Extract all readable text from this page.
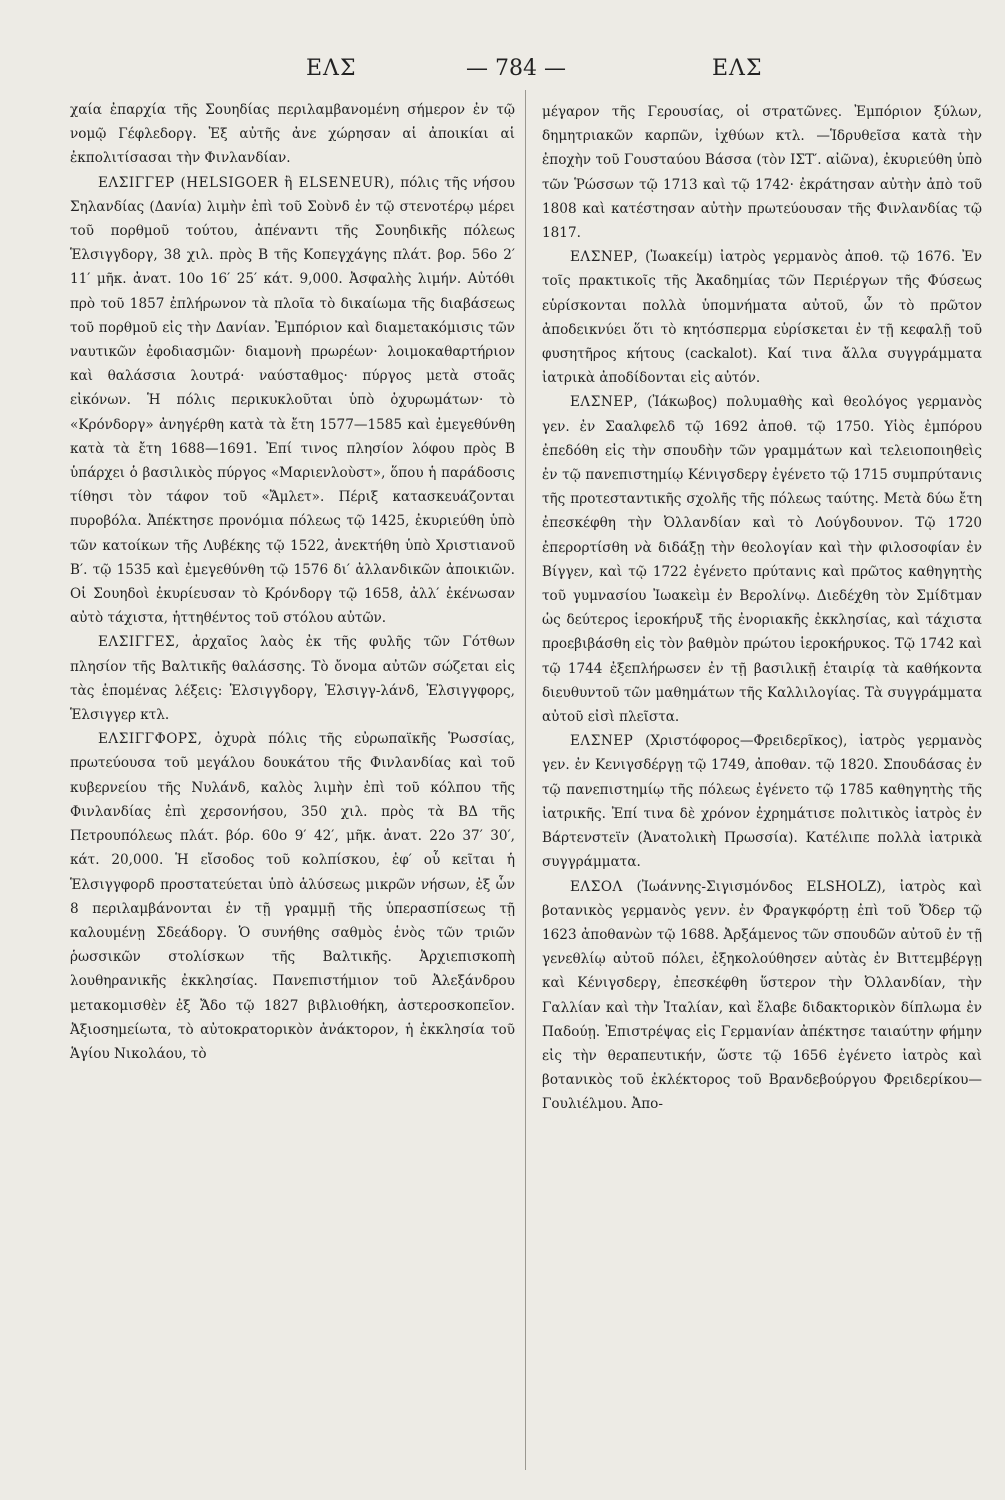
ΕΛΣ	— 784 —	ΕΛΣ

χαία ἐπαρχία τῆς Σουηδίας περιλαμβανομένη σήμερον ἐν τῷ νομῷ Γέφλεδοργ. Ἐξ αὐτῆς ἀνε χώρησαν αἱ ἀποικίαι αἱ ἐκπολιτίσασαι τὴν Φινλανδίαν.

ΕΛΣΙΓΓΕΡ (HELSIGOER ἢ ELSENEUR), πόλις τῆς νήσου Σηλανδίας (Δανία) λιμὴν ἐπὶ τοῦ Σοὺνδ ἐν τῷ στενοτέρῳ μέρει τοῦ πορθμοῦ τούτου, ἀπέναντι τῆς Σουηδικῆς πόλεως Ἑλσιγγδοργ, 38 χιλ. πρὸς Β τῆς Κοπεγχάγης πλάτ. βορ. 56ο 2′ 11′ μῆκ. ἀνατ. 10ο 16′ 25′ κάτ. 9,000. Ἀσφαλὴς λιμήν. Αὐτόθι πρὸ τοῦ 1857 ἐπλήρωνον τὰ πλοῖα τὸ δικαίωμα τῆς διαβάσεως τοῦ πορθμοῦ εἰς τὴν Δανίαν. Ἐμπόριον καὶ διαμετακόμισις τῶν ναυτικῶν ἐφοδιασμῶν· διαμονὴ πρωρέων· λοιμοκαθαρτήριον καὶ θαλάσσια λουτρά· ναύσταθμος· πύργος μετὰ στοᾶς εἰκόνων. Ἡ πόλις περικυκλοῦται ὑπὸ ὀχυρωμάτων· τὸ «Κρόνδοργ» ἀνηγέρθη κατὰ τὰ ἔτη 1577—1585 καὶ ἐμεγεθύνθη κατὰ τὰ ἔτη 1688—1691. Ἐπί τινος πλησίον λόφου πρὸς Β ὑπάρχει ὁ βασιλικὸς πύργος «Μαριενλοὺστ», ὅπου ἡ παράδοσις τίθησι τὸν τάφον τοῦ «Ἄμλετ». Πέριξ κατασκευάζονται πυροβόλα. Ἀπέκτησε προνόμια πόλεως τῷ 1425, ἐκυριεύθη ὑπὸ τῶν κατοίκων τῆς Λυβέκης τῷ 1522, ἀνεκτήθη ὑπὸ Χριστιανοῦ Β′. τῷ 1535 καὶ ἐμεγεθύνθη τῷ 1576 δι′ ἀλλανδικῶν ἀποικιῶν. Οἱ Σουηδοὶ ἐκυρίευσαν τὸ Κρόνδοργ τῷ 1658, ἀλλ′ ἐκένωσαν αὐτὸ τάχιστα, ἡττηθέντος τοῦ στόλου αὐτῶν.

ΕΛΣΙΓΓΕΣ, ἀρχαῖος λαὸς ἐκ τῆς φυλῆς τῶν Γότθων πλησίον τῆς Βαλτικῆς θαλάσσης. Τὸ ὄνομα αὐτῶν σώζεται εἰς τὰς ἑπομένας λέξεις: Ἑλσιγγδοργ, Ἑλσιγγ-λάνδ, Ἑλσιγγφορς, Ἑλσιγγερ κτλ.

ΕΛΣΙΓΓΦΟΡΣ, ὀχυρὰ πόλις τῆς εὐρωπαϊκῆς Ῥωσσίας, πρωτεύουσα τοῦ μεγάλου δουκάτου τῆς Φινλανδίας καὶ τοῦ κυβερνείου τῆς Νυλάνδ, καλὸς λιμὴν ἐπὶ τοῦ κόλπου τῆς Φινλανδίας ἐπὶ χερσονήσου, 350 χιλ. πρὸς τὰ ΒΔ τῆς Πετρουπόλεως πλάτ. βόρ. 60ο 9′ 42′, μῆκ. ἀνατ. 22ο 37′ 30′, κάτ. 20,000. Ἡ εἴσοδος τοῦ κολπίσκου, ἐφ′ οὗ κεῖται ἡ Ἑλσιγγφορδ προστατεύεται ὑπὸ ἁλύσεως μικρῶν νήσων, ἐξ ὧν 8 περιλαμβάνονται ἐν τῇ γραμμῇ τῆς ὑπερασπίσεως τῇ καλουμένῃ Σδεάδοργ. Ὁ συνήθης σαθμὸς ἑνὸς τῶν τριῶν ῥωσσικῶν στολίσκων τῆς Βαλτικῆς. Ἀρχιεπισκοπὴ λουθηρανικῆς ἐκκλησίας. Πανεπιστήμιον τοῦ Ἀλεξάνδρου μετακομισθὲν ἐξ Ἄδο τῷ 1827 βιβλιοθήκη, ἀστεροσκοπεῖον. Ἀξιοσημείωτα, τὸ αὐτοκρατορικὸν ἀνάκτορον, ἡ ἐκκλησία τοῦ Ἁγίου Νικολάου, τὸ

μέγαρον τῆς Γερουσίας, οἱ στρατῶνες. Ἐμπόριον ξύλων, δημητριακῶν καρπῶν, ἰχθύων κτλ. —Ἱδρυθεῖσα κατὰ τὴν ἐποχὴν τοῦ Γουσταύου Βάσσα (τὸν ΙΣΤ′. αἰῶνα), ἐκυριεύθη ὑπὸ τῶν Ῥώσσων τῷ 1713 καὶ τῷ 1742· ἐκράτησαν αὐτὴν ἀπὸ τοῦ 1808 καὶ κατέστησαν αὐτὴν πρωτεύουσαν τῆς Φινλανδίας τῷ 1817.

ΕΛΣΝΕΡ, (Ἰωακείμ) ἰατρὸς γερμανὸς ἀποθ. τῷ 1676. Ἐν τοῖς πρακτικοῖς τῆς Ἀκαδημίας τῶν Περιέργων τῆς Φύσεως εὑρίσκονται πολλὰ ὑπομνήματα αὐτοῦ, ὧν τὸ πρῶτον ἀποδεικνύει ὅτι τὸ κητόσπερμα εὑρίσκεται ἐν τῇ κεφαλῇ τοῦ φυσητῆρος κήτους (cackalot). Καί τινα ἄλλα συγγράμματα ἰατρικὰ ἀποδίδονται εἰς αὐτόν.

ΕΛΣΝΕΡ, (Ἰάκωβος) πολυμαθὴς καὶ θεολόγος γερμανὸς γεν. ἐν Σααλφελδ τῷ 1692 ἀποθ. τῷ 1750. Υἱὸς ἐμπόρου ἐπεδόθη εἰς τὴν σπουδὴν τῶν γραμμάτων καὶ τελειοποιηθεὶς ἐν τῷ πανεπιστημίῳ Κένιγσδεργ ἐγένετο τῷ 1715 συμπρύτανις τῆς προτεσταντικῆς σχολῆς τῆς πόλεως ταύτης. Μετὰ δύω ἔτη ἐπεσκέφθη τὴν Ὀλλανδίαν καὶ τὸ Λούγδουνον. Τῷ 1720 ἐπερορτίσθη νὰ διδάξῃ τὴν θεολογίαν καὶ τὴν φιλοσοφίαν ἐν Βίγγεν, καὶ τῷ 1722 ἐγένετο πρύτανις καὶ πρῶτος καθηγητὴς τοῦ γυμνασίου Ἰωακεὶμ ἐν Βερολίνῳ. Διεδέχθη τὸν Σμίδτμαν ὡς δεύτερος ἱεροκήρυξ τῆς ἐνοριακῆς ἐκκλησίας, καὶ τάχιστα προεβιβάσθη εἰς τὸν βαθμὸν πρώτου ἱεροκήρυκος. Τῷ 1742 καὶ τῷ 1744 ἐξεπλήρωσεν ἐν τῇ βασιλικῇ ἑταιρίᾳ τὰ καθήκοντα διευθυντοῦ τῶν μαθημάτων τῆς Καλλιλογίας. Τὰ συγγράμματα αὐτοῦ εἰσὶ πλεῖστα.

ΕΛΣΝΕΡ (Χριστόφορος—Φρειδερῖκος), ἰατρὸς γερμανὸς γεν. ἐν Κενιγσδέργῃ τῷ 1749, ἀποθαν. τῷ 1820. Σπουδάσας ἐν τῷ πανεπιστημίῳ τῆς πόλεως ἐγένετο τῷ 1785 καθηγητὴς τῆς ἰατρικῆς. Ἐπί τινα δὲ χρόνον ἐχρημάτισε πολιτικὸς ἰατρὸς ἐν Βάρτενστεϊν (Ἀνατολικὴ Πρωσσία). Κατέλιπε πολλὰ ἰατρικὰ συγγράμματα.

ΕΛΣΟΛ (Ἰωάννης-Σιγισμόνδος ELSHOLZ), ἰατρὸς καὶ βοτανικὸς γερμανὸς γενν. ἐν Φραγκφόρτῃ ἐπὶ τοῦ Ὄδερ τῷ 1623 ἀποθανὼν τῷ 1688. Ἀρξάμενος τῶν σπουδῶν αὐτοῦ ἐν τῇ γενεθλίῳ αὐτοῦ πόλει, ἐξηκολούθησεν αὐτὰς ἐν Βιττεμβέργῃ καὶ Κένιγσδεργ, ἐπεσκέφθη ὕστερον τὴν Ὀλλανδίαν, τὴν Γαλλίαν καὶ τὴν Ἰταλίαν, καὶ ἔλαβε διδακτορικὸν δίπλωμα ἐν Παδούῃ. Ἐπιστρέψας εἰς Γερμανίαν ἀπέκτησε ταιαύτην φήμην εἰς τὴν θεραπευτικήν, ὥστε τῷ 1656 ἐγένετο ἰατρὸς καὶ βοτανικὸς τοῦ ἐκλέκτορος τοῦ Βρανδεβούργου Φρειδερίκου—Γουλιέλμου. Ἀπο-
